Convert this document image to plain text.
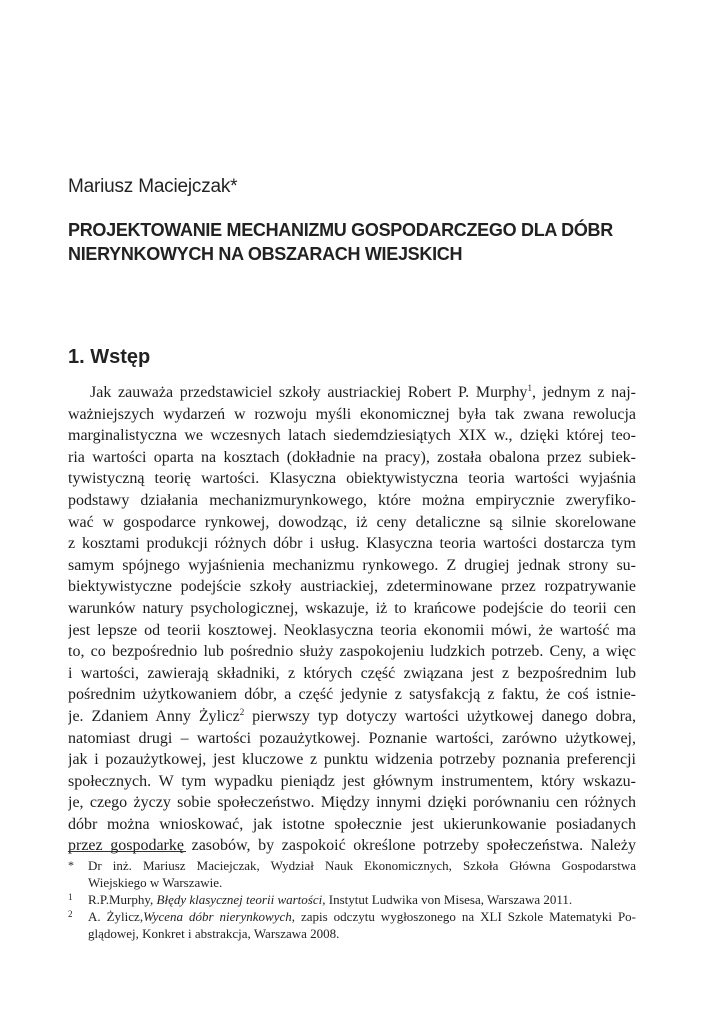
Mariusz Maciejczak*
PROJEKTOWANIE MECHANIZMU GOSPODARCZEGO DLA DÓBR
NIERYNKOWYCH NA OBSZARACH WIEJSKICH
1. Wstęp
Jak zauważa przedstawiciel szkoły austriackiej Robert P. Murphy$^1$, jednym z naj-
ważniejszych wydarzeń w rozwoju myśli ekonomicznej była tak zwana rewolucja
marginalistyczna we wczesnych latach siedemdziesiątych XIX w., dzięki której teo-
ria wartości oparta na kosztach (dokładnie na pracy), została obalona przez subiek-
tywistyczną teorię wartości. Klasyczna obiektywistyczna teoria wartości wyjaśnia
podstawy działania mechanizmurynkowego, które można empirycznie zweryfiko-
wać w gospodarce rynkowej, dowodząc, iż ceny detaliczne są silnie skorelowane
z kosztami produkcji różnych dóbr i usług. Klasyczna teoria wartości dostarcza tym
samym spójnego wyjaśnienia mechanizmu rynkowego. Z drugiej jednak strony su-
biektywistyczne podejście szkoły austriackiej, zdeterminowane przez rozpatrywanie
warunków natury psychologicznej, wskazuje, iż to krańcowe podejście do teorii cen
jest lepsze od teorii kosztowej. Neoklasyczna teoria ekonomii mówi, że wartość ma
to, co bezpośrednio lub pośrednio służy zaspokojeniu ludzkich potrzeb. Ceny, a więc
i wartości, zawierają składniki, z których część związana jest z bezpośrednim lub
pośrednim użytkowaniem dóbr, a część jedynie z satysfakcją z faktu, że coś istnie-
je. Zdaniem Anny Żylicz$^2$ pierwszy typ dotyczy wartości użytkowej danego dobra,
natomiast drugi – wartości pozaużytkowej. Poznanie wartości, zarówno użytkowej,
jak i pozaużytkowej, jest kluczowe z punktu widzenia potrzeby poznania preferencji
społecznych. W tym wypadku pieniądz jest głównym instrumentem, który wskazu-
je, czego życzy sobie społeczeństwo. Między innymi dzięki porównaniu cen różnych
dóbr można wnioskować, jak istotne społecznie jest ukierunkowanie posiadanych
przez gospodarkę zasobów, by zaspokoić określone potrzeby społeczeństwa. Należy
* Dr inż. Mariusz Maciejczak, Wydział Nauk Ekonomicznych, Szkoła Główna Gospodarstwa
Wiejskiego w Warszawie.
1 R.P.Murphy, Błędy klasycznej teorii wartości, Instytut Ludwika von Misesa, Warszawa 2011.
2 A. Żylicz,Wycena dóbr nierynkowych, zapis odczytu wygłoszonego na XLI Szkole Matematyki Po-
glądowej, Konkret i abstrakcja, Warszawa 2008.
